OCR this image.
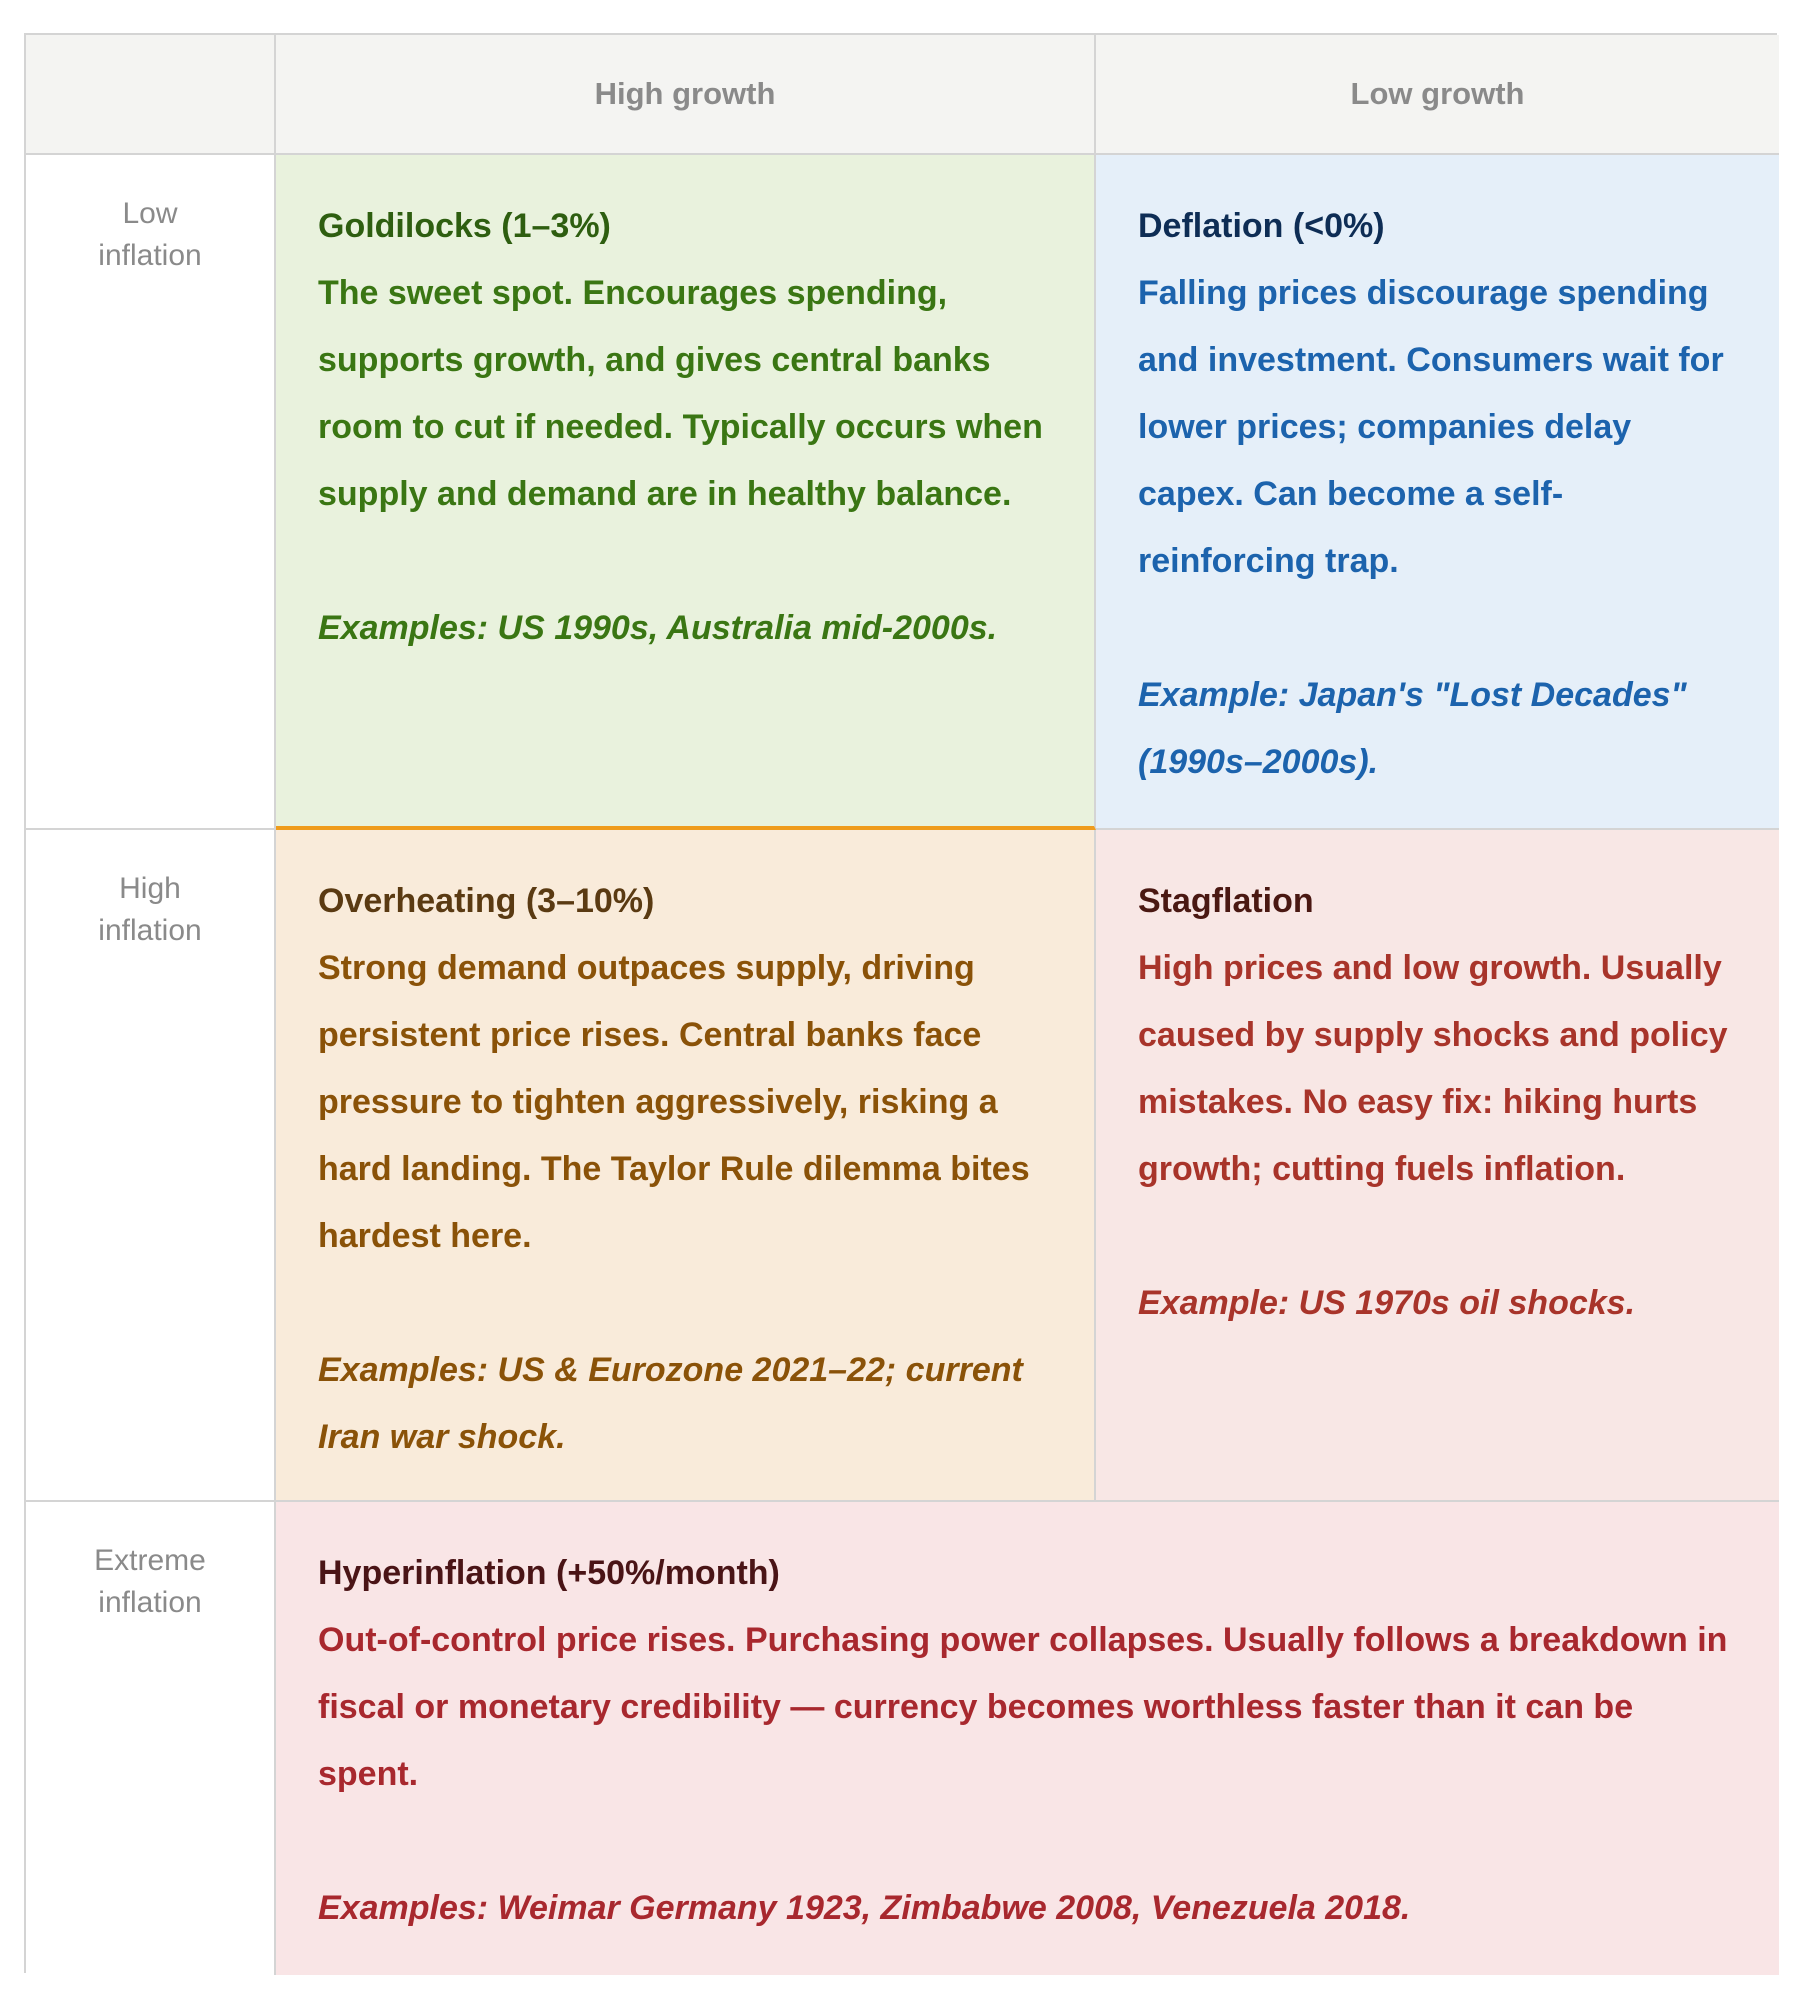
High growth	Low growth
Low
inflation
Goldilocks (1–3%)
The sweet spot. Encourages spending, supports growth, and gives central banks room to cut if needed. Typically occurs when supply and demand are in healthy balance.
Examples: US 1990s, Australia mid-2000s.
Deflation (<0%)
Falling prices discourage spending and investment. Consumers wait for lower prices; companies delay capex. Can become a self-reinforcing trap.
Example: Japan's "Lost Decades" (1990s–2000s).
High
inflation
Overheating (3–10%)
Strong demand outpaces supply, driving persistent price rises. Central banks face pressure to tighten aggressively, risking a hard landing. The Taylor Rule dilemma bites hardest here.
Examples: US & Eurozone 2021–22; current Iran war shock.
Stagflation
High prices and low growth. Usually caused by supply shocks and policy mistakes. No easy fix: hiking hurts growth; cutting fuels inflation.
Example: US 1970s oil shocks.
Extreme
inflation
Hyperinflation (+50%/month)
Out-of-control price rises. Purchasing power collapses. Usually follows a breakdown in fiscal or monetary credibility — currency becomes worthless faster than it can be spent.
Examples: Weimar Germany 1923, Zimbabwe 2008, Venezuela 2018.
